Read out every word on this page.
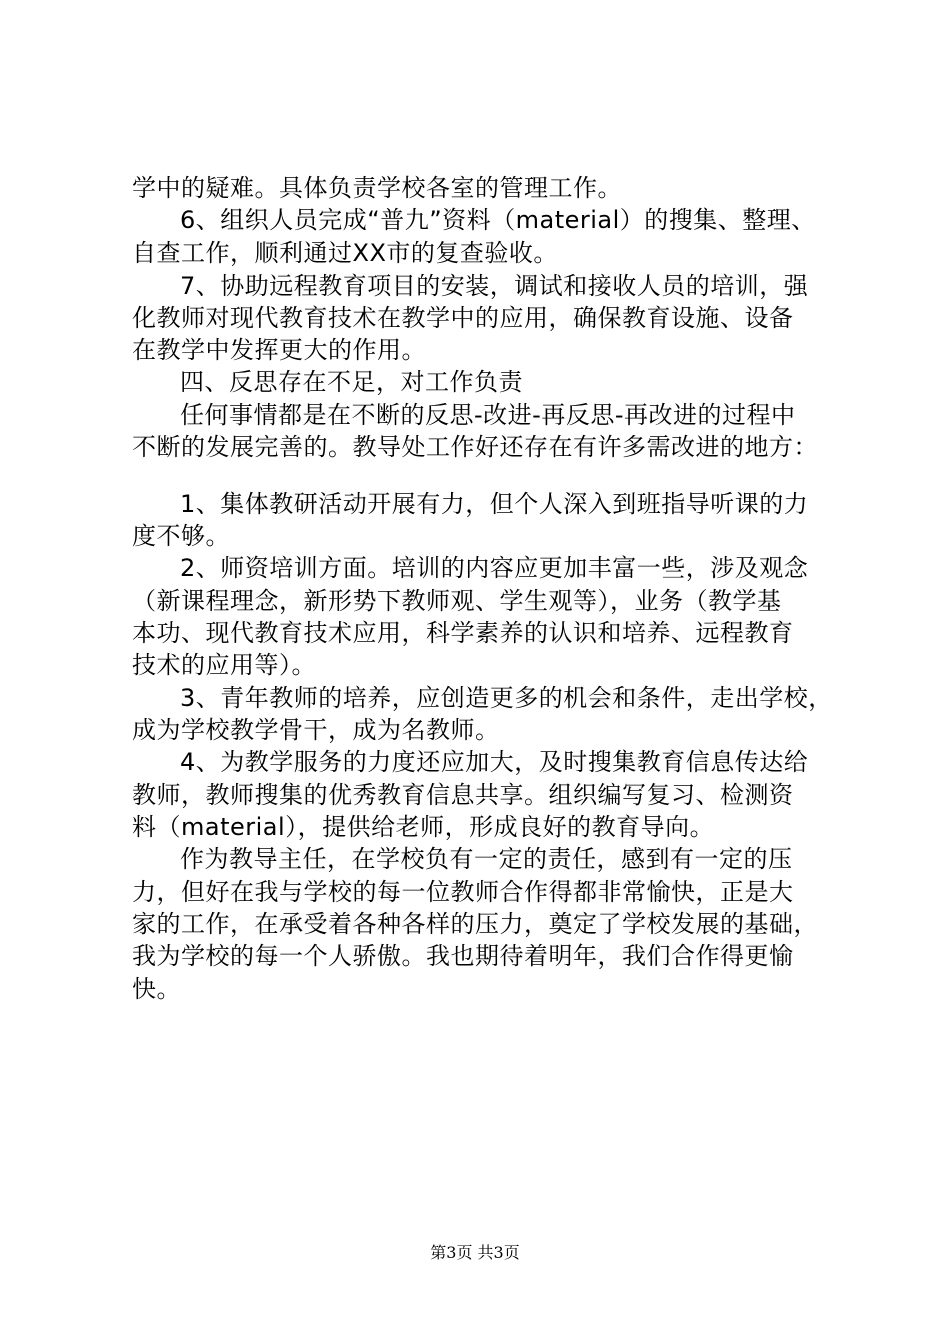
学中的疑难。具体负责学校各室的管理工作。
6、组织人员完成“普九”资料（material）的搜集、整理、
自查工作，顺利通过XX市的复查验收。
7、协助远程教育项目的安装，调试和接收人员的培训，强
化教师对现代教育技术在教学中的应用，确保教育设施、设备
在教学中发挥更大的作用。
四、反思存在不足，对工作负责
任何事情都是在不断的反思-改进-再反思-再改进的过程中
不断的发展完善的。教导处工作好还存在有许多需改进的地方：
1、集体教研活动开展有力，但个人深入到班指导听课的力
度不够。
2、师资培训方面。培训的内容应更加丰富一些，涉及观念
（新课程理念，新形势下教师观、学生观等），业务（教学基
本功、现代教育技术应用，科学素养的认识和培养、远程教育
技术的应用等）。
3、青年教师的培养，应创造更多的机会和条件，走出学校，
成为学校教学骨干，成为名教师。
4、为教学服务的力度还应加大，及时搜集教育信息传达给
教师，教师搜集的优秀教育信息共享。组织编写复习、检测资
料（material），提供给老师，形成良好的教育导向。
作为教导主任，在学校负有一定的责任，感到有一定的压
力，但好在我与学校的每一位教师合作得都非常愉快，正是大
家的工作，在承受着各种各样的压力，奠定了学校发展的基础，
我为学校的每一个人骄傲。我也期待着明年，我们合作得更愉
快。
第3页 共3页
